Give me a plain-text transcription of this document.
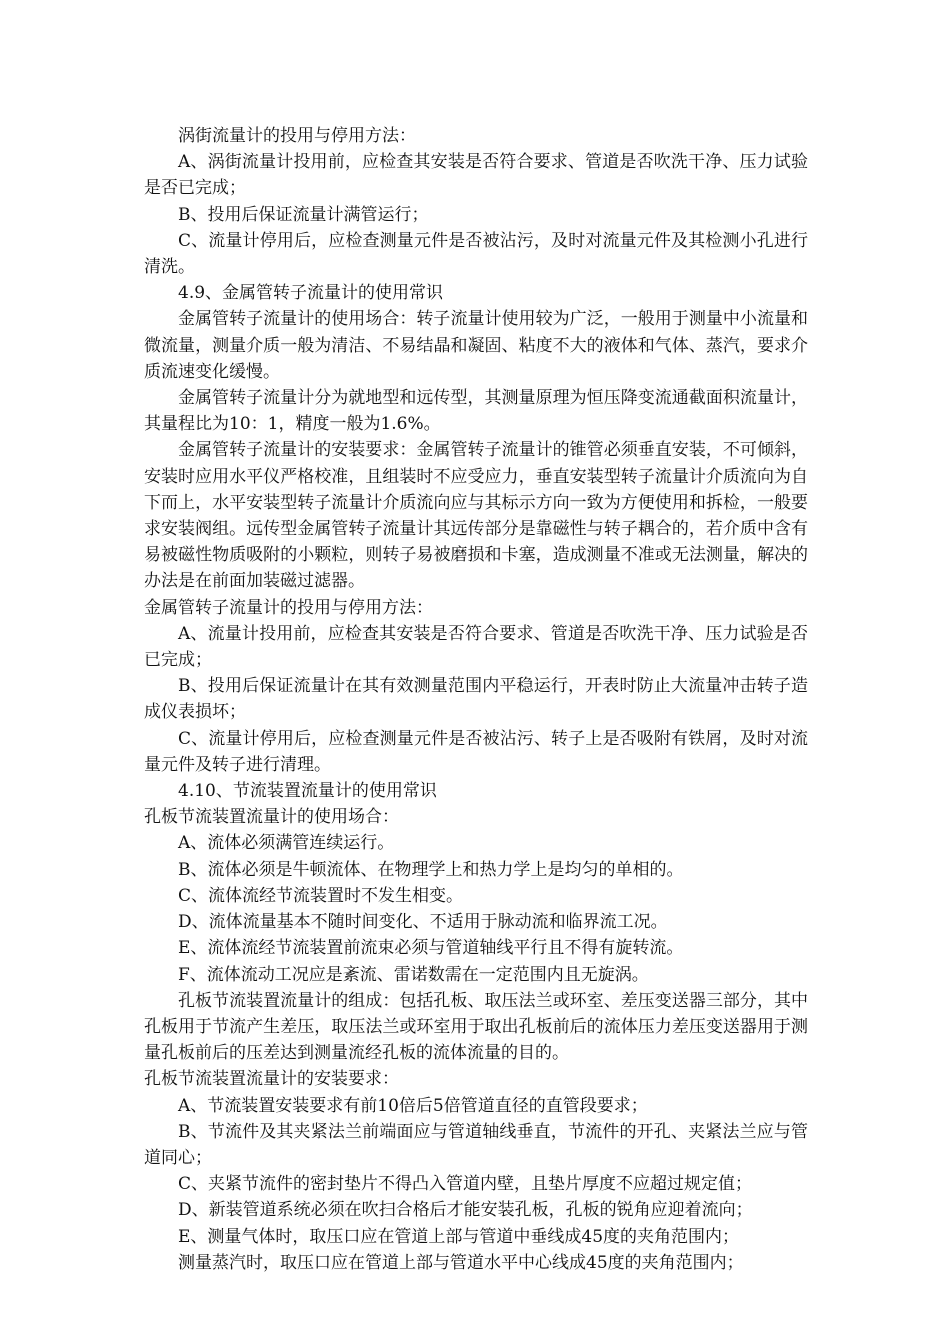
涡街流量计的投用与停用方法：

A、涡街流量计投用前，应检查其安装是否符合要求、管道是否吹洗干净、压力试验是否已完成；

B、投用后保证流量计满管运行；

C、流量计停用后，应检查测量元件是否被沾污，及时对流量元件及其检测小孔进行清洗。

4.9、金属管转子流量计的使用常识

金属管转子流量计的使用场合：转子流量计使用较为广泛，一般用于测量中小流量和微流量，测量介质一般为清洁、不易结晶和凝固、粘度不大的液体和气体、蒸汽，要求介质流速变化缓慢。

金属管转子流量计分为就地型和远传型，其测量原理为恒压降变流通截面积流量计，其量程比为10：1，精度一般为1.6%。

金属管转子流量计的安装要求：金属管转子流量计的锥管必须垂直安装，不可倾斜，安装时应用水平仪严格校准，且组装时不应受应力，垂直安装型转子流量计介质流向为自下而上，水平安装型转子流量计介质流向应与其标示方向一致为方便使用和拆检，一般要求安装阀组。远传型金属管转子流量计其远传部分是靠磁性与转子耦合的，若介质中含有易被磁性物质吸附的小颗粒，则转子易被磨损和卡塞，造成测量不准或无法测量，解决的办法是在前面加装磁过滤器。

金属管转子流量计的投用与停用方法：

A、流量计投用前，应检查其安装是否符合要求、管道是否吹洗干净、压力试验是否已完成；

B、投用后保证流量计在其有效测量范围内平稳运行，开表时防止大流量冲击转子造成仪表损坏；

C、流量计停用后，应检查测量元件是否被沾污、转子上是否吸附有铁屑，及时对流量元件及转子进行清理。

4.10、节流装置流量计的使用常识

孔板节流装置流量计的使用场合：

A、流体必须满管连续运行。

B、流体必须是牛顿流体、在物理学上和热力学上是均匀的单相的。

C、流体流经节流装置时不发生相变。

D、流体流量基本不随时间变化、不适用于脉动流和临界流工况。

E、流体流经节流装置前流束必须与管道轴线平行且不得有旋转流。

F、流体流动工况应是紊流、雷诺数需在一定范围内且无旋涡。

孔板节流装置流量计的组成：包括孔板、取压法兰或环室、差压变送器三部分，其中孔板用于节流产生差压，取压法兰或环室用于取出孔板前后的流体压力差压变送器用于测量孔板前后的压差达到测量流经孔板的流体流量的目的。

孔板节流装置流量计的安装要求：

A、节流装置安装要求有前10倍后5倍管道直径的直管段要求；

B、节流件及其夹紧法兰前端面应与管道轴线垂直，节流件的开孔、夹紧法兰应与管道同心；

C、夹紧节流件的密封垫片不得凸入管道内壁，且垫片厚度不应超过规定值；

D、新装管道系统必须在吹扫合格后才能安装孔板，孔板的锐角应迎着流向；

E、测量气体时，取压口应在管道上部与管道中垂线成45度的夹角范围内；

测量蒸汽时，取压口应在管道上部与管道水平中心线成45度的夹角范围内；
